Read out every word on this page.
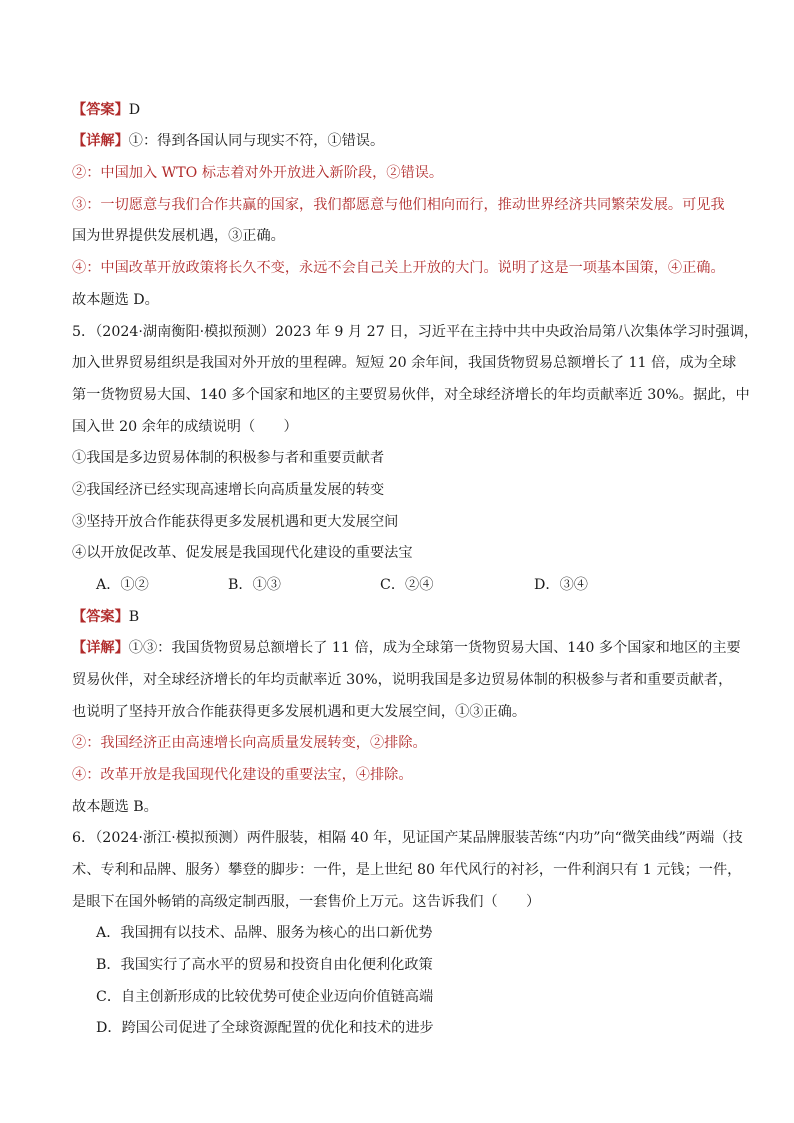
【答案】D
【详解】①：得到各国认同与现实不符，①错误。
②：中国加入 WTO 标志着对外开放进入新阶段，②错误。
③：一切愿意与我们合作共赢的国家，我们都愿意与他们相向而行，推动世界经济共同繁荣发展。可见我
国为世界提供发展机遇，③正确。
④：中国改革开放政策将长久不变，永远不会自己关上开放的大门。说明了这是一项基本国策，④正确。
故本题选 D。
5．（2024·湖南衡阳·模拟预测）2023 年 9 月 27 日，习近平在主持中共中央政治局第八次集体学习时强调，
加入世界贸易组织是我国对外开放的里程碑。短短 20 余年间，我国货物贸易总额增长了 11 倍，成为全球
第一货物贸易大国、140 多个国家和地区的主要贸易伙伴，对全球经济增长的年均贡献率近 30%。据此，中
国入世 20 余年的成绩说明（　　）
①我国是多边贸易体制的积极参与者和重要贡献者
②我国经济已经实现高速增长向高质量发展的转变
③坚持开放合作能获得更多发展机遇和更大发展空间
④以开放促改革、促发展是我国现代化建设的重要法宝
A．①②	B．①③	C．②④	D．③④
【答案】B
【详解】①③：我国货物贸易总额增长了 11 倍，成为全球第一货物贸易大国、140 多个国家和地区的主要
贸易伙伴，对全球经济增长的年均贡献率近 30%，说明我国是多边贸易体制的积极参与者和重要贡献者，
也说明了坚持开放合作能获得更多发展机遇和更大发展空间，①③正确。
②：我国经济正由高速增长向高质量发展转变，②排除。
④：改革开放是我国现代化建设的重要法宝，④排除。
故本题选 B。
6．（2024·浙江·模拟预测）两件服装，相隔 40 年，见证国产某品牌服装苦练“内功”向“微笑曲线”两端（技
术、专利和品牌、服务）攀登的脚步：一件，是上世纪 80 年代风行的衬衫，一件利润只有 1 元钱；一件，
是眼下在国外畅销的高级定制西服，一套售价上万元。这告诉我们（　　）
A．我国拥有以技术、品牌、服务为核心的出口新优势
B．我国实行了高水平的贸易和投资自由化便利化政策
C．自主创新形成的比较优势可使企业迈向价值链高端
D．跨国公司促进了全球资源配置的优化和技术的进步
